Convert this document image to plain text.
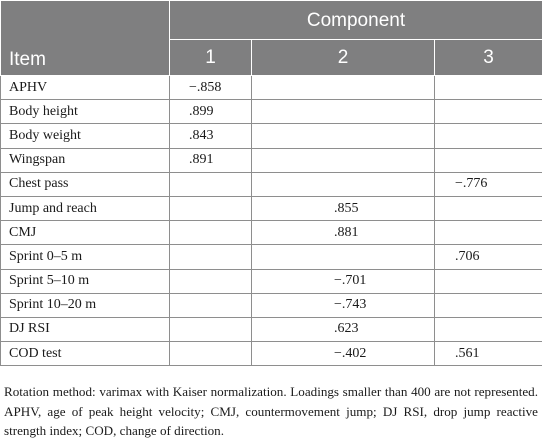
Item	Component		
	1	2	3
APHV	−.858		
Body height	.899		
Body weight	.843		
Wingspan	.891		
Chest pass			−.776
Jump and reach		.855	
CMJ		.881	
Sprint 0–5 m			.706
Sprint 5–10 m		−.701	
Sprint 10–20 m		−.743	
DJ RSI		.623	
COD test		−.402	.561

Rotation method: varimax with Kaiser normalization. Loadings smaller than 400 are not represented. APHV, age of peak height velocity; CMJ, countermovement jump; DJ RSI, drop jump reactive strength index; COD, change of direction.
